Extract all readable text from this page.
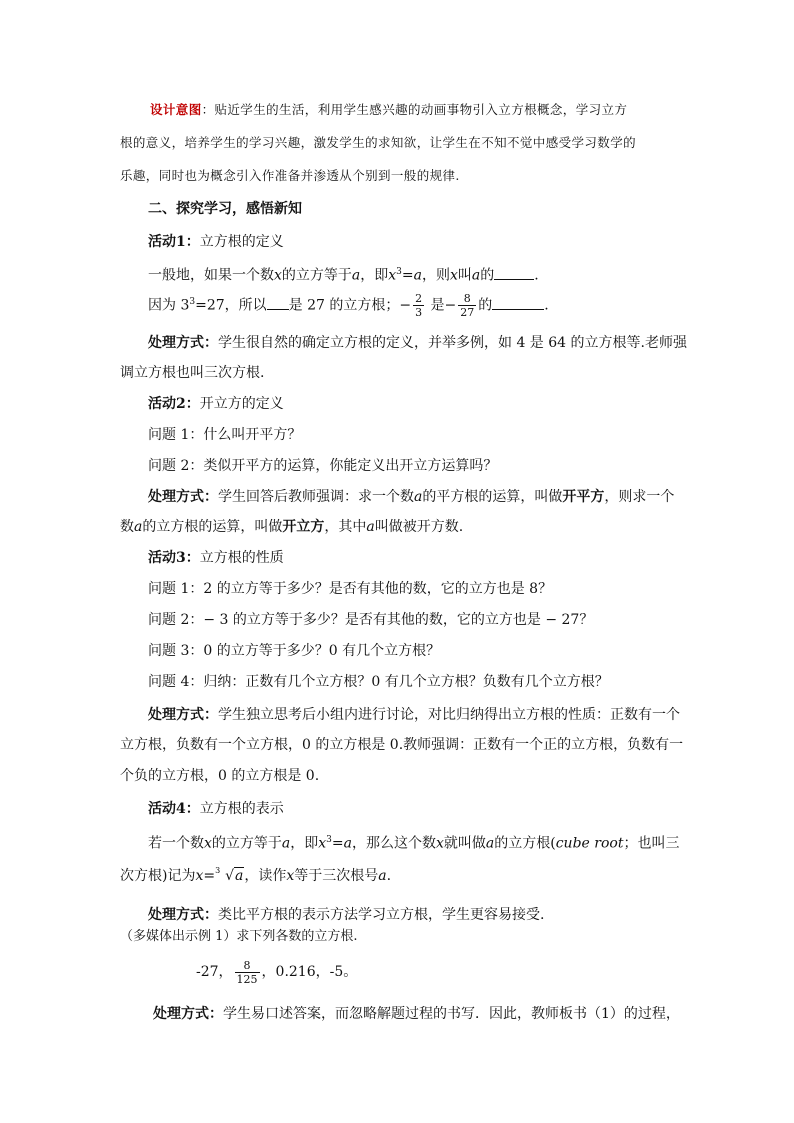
设计意图：贴近学生的生活，利用学生感兴趣的动画事物引入立方根概念，学习立方
根的意义，培养学生的学习兴趣，激发学生的求知欲，让学生在不知不觉中感受学习数学的
乐趣，同时也为概念引入作准备并渗透从个别到一般的规律.
二、探究学习，感悟新知
活动1：立方根的定义
一般地，如果一个数x的立方等于a，即$x^3=a$，则x叫a的	.
因为 $3^3=27$，所以 是 27 的立方根；− $\frac{2}{3}$ 是− $\frac{8}{27}$ 的	.
处理方式：学生很自然的确定立方根的定义，并举多例，如 4 是 64 的立方根等.老师强
调立方根也叫三次方根.
活动2：开立方的定义
问题 1：什么叫开平方？
问题 2：类似开平方的运算，你能定义出开立方运算吗？
处理方式：学生回答后教师强调：求一个数a的平方根的运算，叫做开平方，则求一个
数a的立方根的运算，叫做开立方，其中a叫做被开方数.
活动3：立方根的性质
问题 1：2 的立方等于多少？是否有其他的数，它的立方也是 8？
问题 2：− 3 的立方等于多少？是否有其他的数，它的立方也是 − 27？
问题 3：0 的立方等于多少？0 有几个立方根？
问题 4：归纳：正数有几个立方根？0 有几个立方根？负数有几个立方根？
处理方式：学生独立思考后小组内进行讨论，对比归纳得出立方根的性质：正数有一个
立方根，负数有一个立方根，0 的立方根是 0.教师强调：正数有一个正的立方根，负数有一
个负的立方根，0 的立方根是 0.
活动4：立方根的表示
若一个数x的立方等于a，即$x^3=a$，那么这个数x就叫做a的立方根(cube root；也叫三
次方根)记为x= 3 √a，读作x等于三次根号a.
处理方式：类比平方根的表示方法学习立方根，学生更容易接受.
（多媒体出示例 1）求下列各数的立方根.
-27， $\frac{8}{125}$ ，0.216，-5。
处理方式：学生易口述答案，而忽略解题过程的书写．因此，教师板书（1）的过程，
